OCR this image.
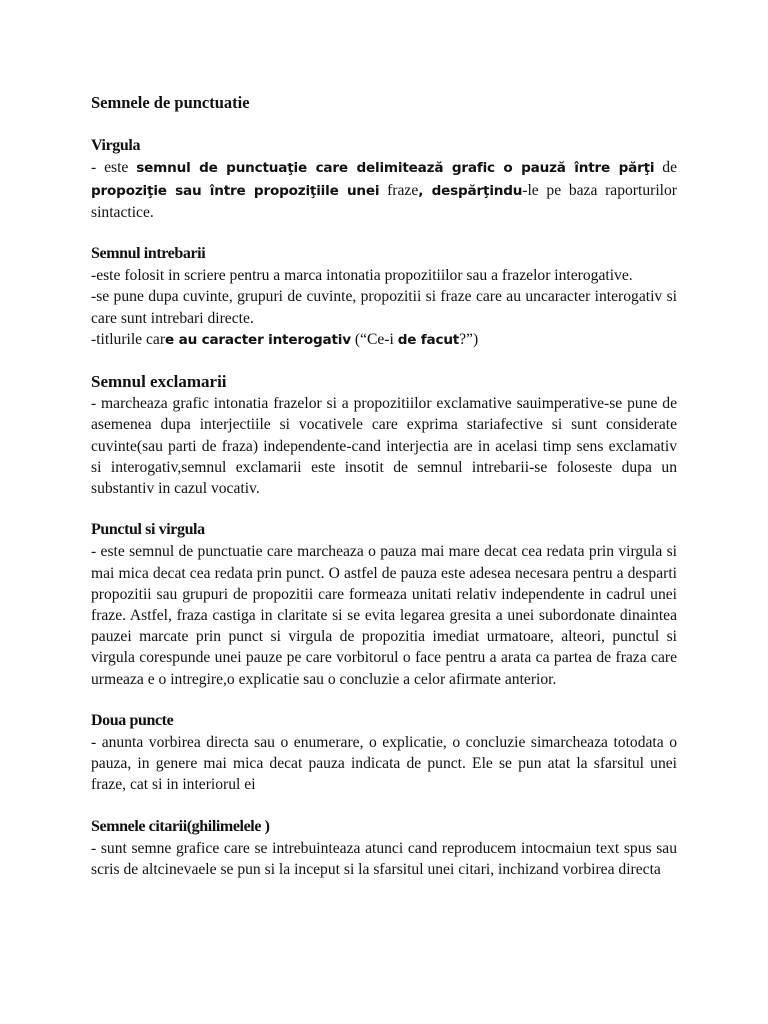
Semnele de punctuatie
Virgula

- este semnul de punctuaţie care delimitează grafic o pauză între părţi de propoziţie sau între propoziţiile unei fraze, despărţindu-le pe baza raporturilor sintactice.

Semnul intrebarii

-este folosit in scriere pentru a marca intonatia propozitiilor sau a frazelor interogative.

-se pune dupa cuvinte, grupuri de cuvinte, propozitii si fraze care au uncaracter interogativ si care sunt intrebari directe.

-titlurile care au caracter interogativ (“Ce-i de facut?”)

Semnul exclamarii

- marcheaza grafic intonatia frazelor si a propozitiilor exclamative sauimperative-se pune de asemenea dupa interjectiile si vocativele care exprima stariafective si sunt considerate cuvinte(sau parti de fraza) independente-cand interjectia are in acelasi timp sens exclamativ si interogativ,semnul exclamarii este insotit de semnul intrebarii-se foloseste dupa un substantiv in cazul vocativ.

Punctul si virgula

- este semnul de punctuatie care marcheaza o pauza mai mare decat cea redata prin virgula si mai mica decat cea redata prin punct. O astfel de pauza este adesea necesara pentru a desparti propozitii sau grupuri de propozitii care formeaza unitati relativ independente in cadrul unei fraze. Astfel, fraza castiga in claritate si se evita legarea gresita a unei subordonate dinaintea pauzei marcate prin punct si virgula de propozitia imediat urmatoare, alteori, punctul si virgula corespunde unei pauze pe care vorbitorul o face pentru a arata ca partea de fraza care urmeaza e o intregire,o explicatie sau o concluzie a celor afirmate anterior.

Doua puncte

- anunta vorbirea directa sau o enumerare, o explicatie, o concluzie simarcheaza totodata o pauza, in genere mai mica decat pauza indicata de punct. Ele se pun atat la sfarsitul unei fraze, cat si in interiorul ei

Semnele citarii(ghilimelele )

- sunt semne grafice care se intrebuinteaza atunci cand reproducem intocmaiun text spus sau scris de altcinevaele se pun si la inceput si la sfarsitul unei citari, inchizand vorbirea directa
